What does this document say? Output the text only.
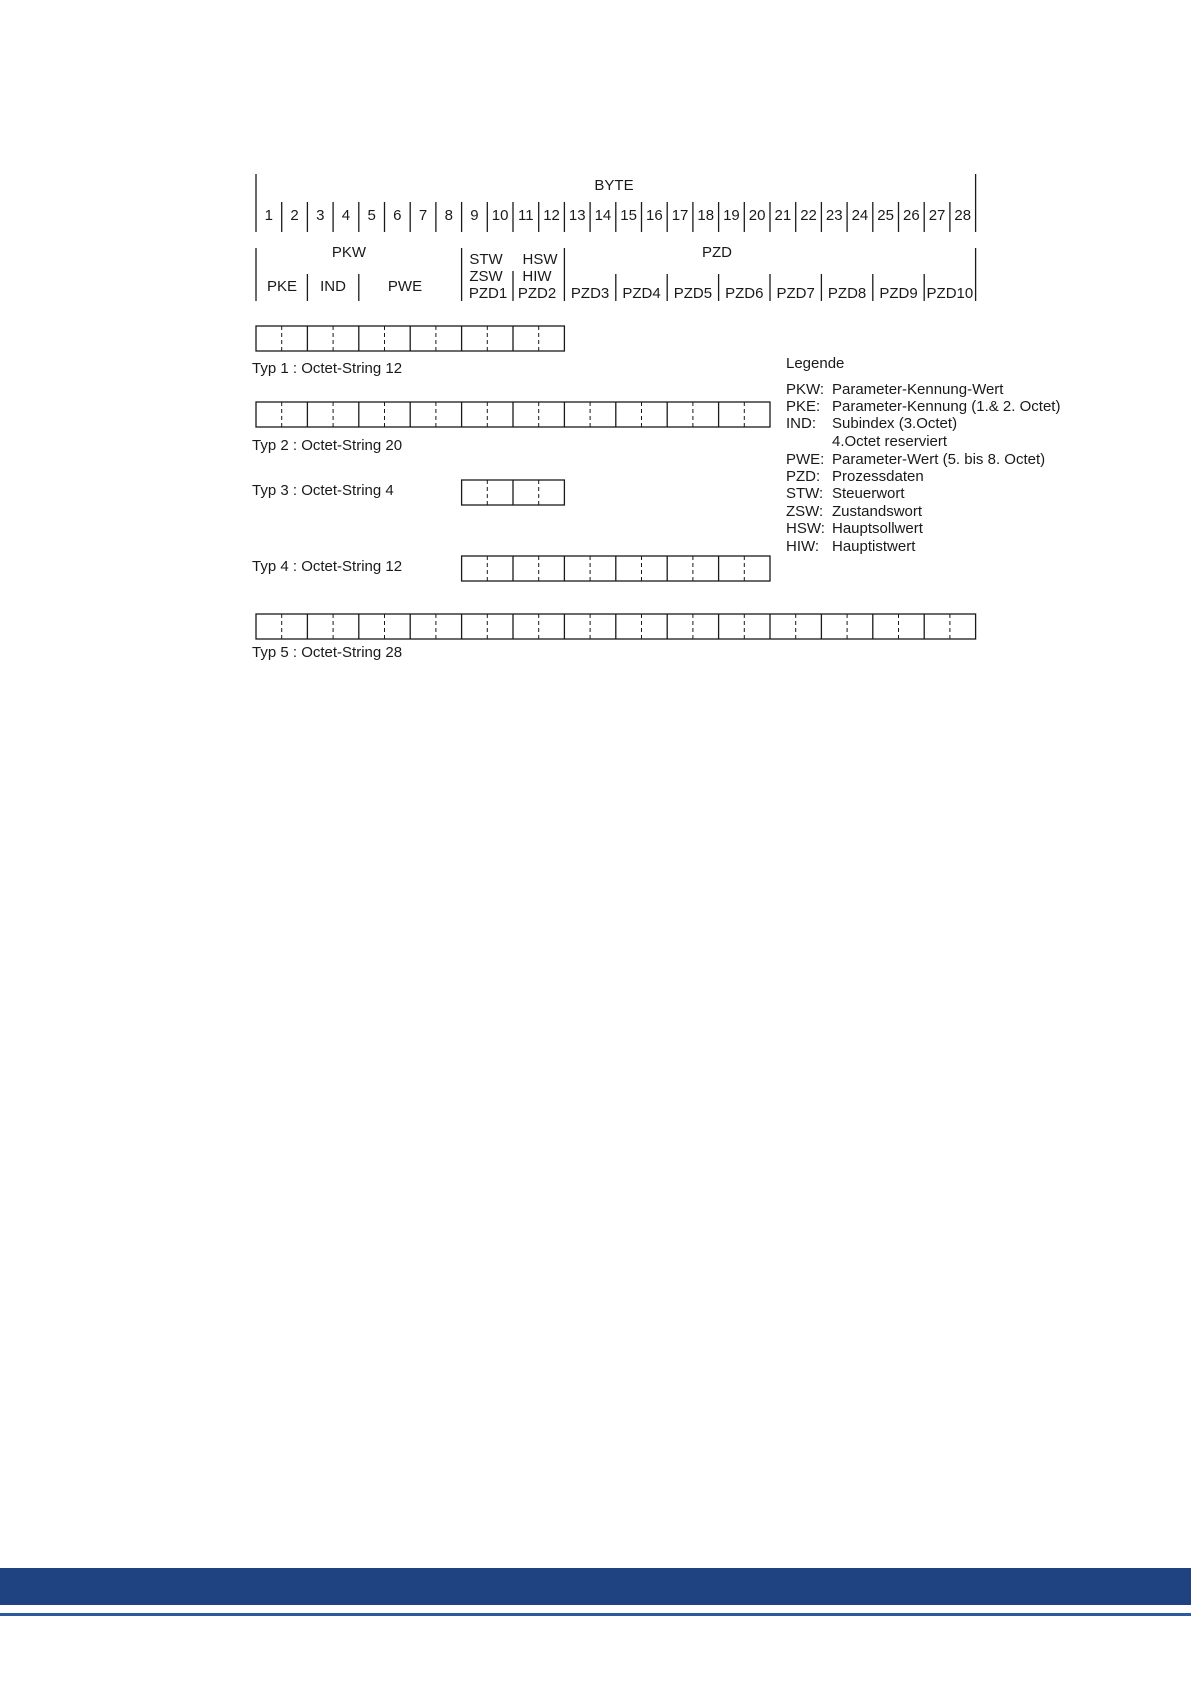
BYTE
1 2 3 4 5 6 7 8 9 10 11 12 13 14 15 16 17 18 19 20 21 22 23 24 25 26 27 28
PKW	PZD
PKE IND	PWE
STW
ZSW
PZD1
HSW
HIW
PZD2 PZD3 PZD4 PZD5 PZD6 PZD7 PZD8 PZD9 PZD10
Typ 1 : Octet-String 12
Typ 2 : Octet-String 20
Typ 3 : Octet-String 4
Typ 4 : Octet-String 12
Typ 5 : Octet-String 28
Legende
PKW: Parameter-Kennung-Wert
PKE: Parameter-Kennung (1.& 2. Octet)
IND: Subindex (3.Octet)
4.Octet reserviert
PWE: Parameter-Wert (5. bis 8. Octet)
PZD: Prozessdaten
STW: Steuerwort
ZSW: Zustandswort
HSW: Hauptsollwert
HIW: Hauptistwert
